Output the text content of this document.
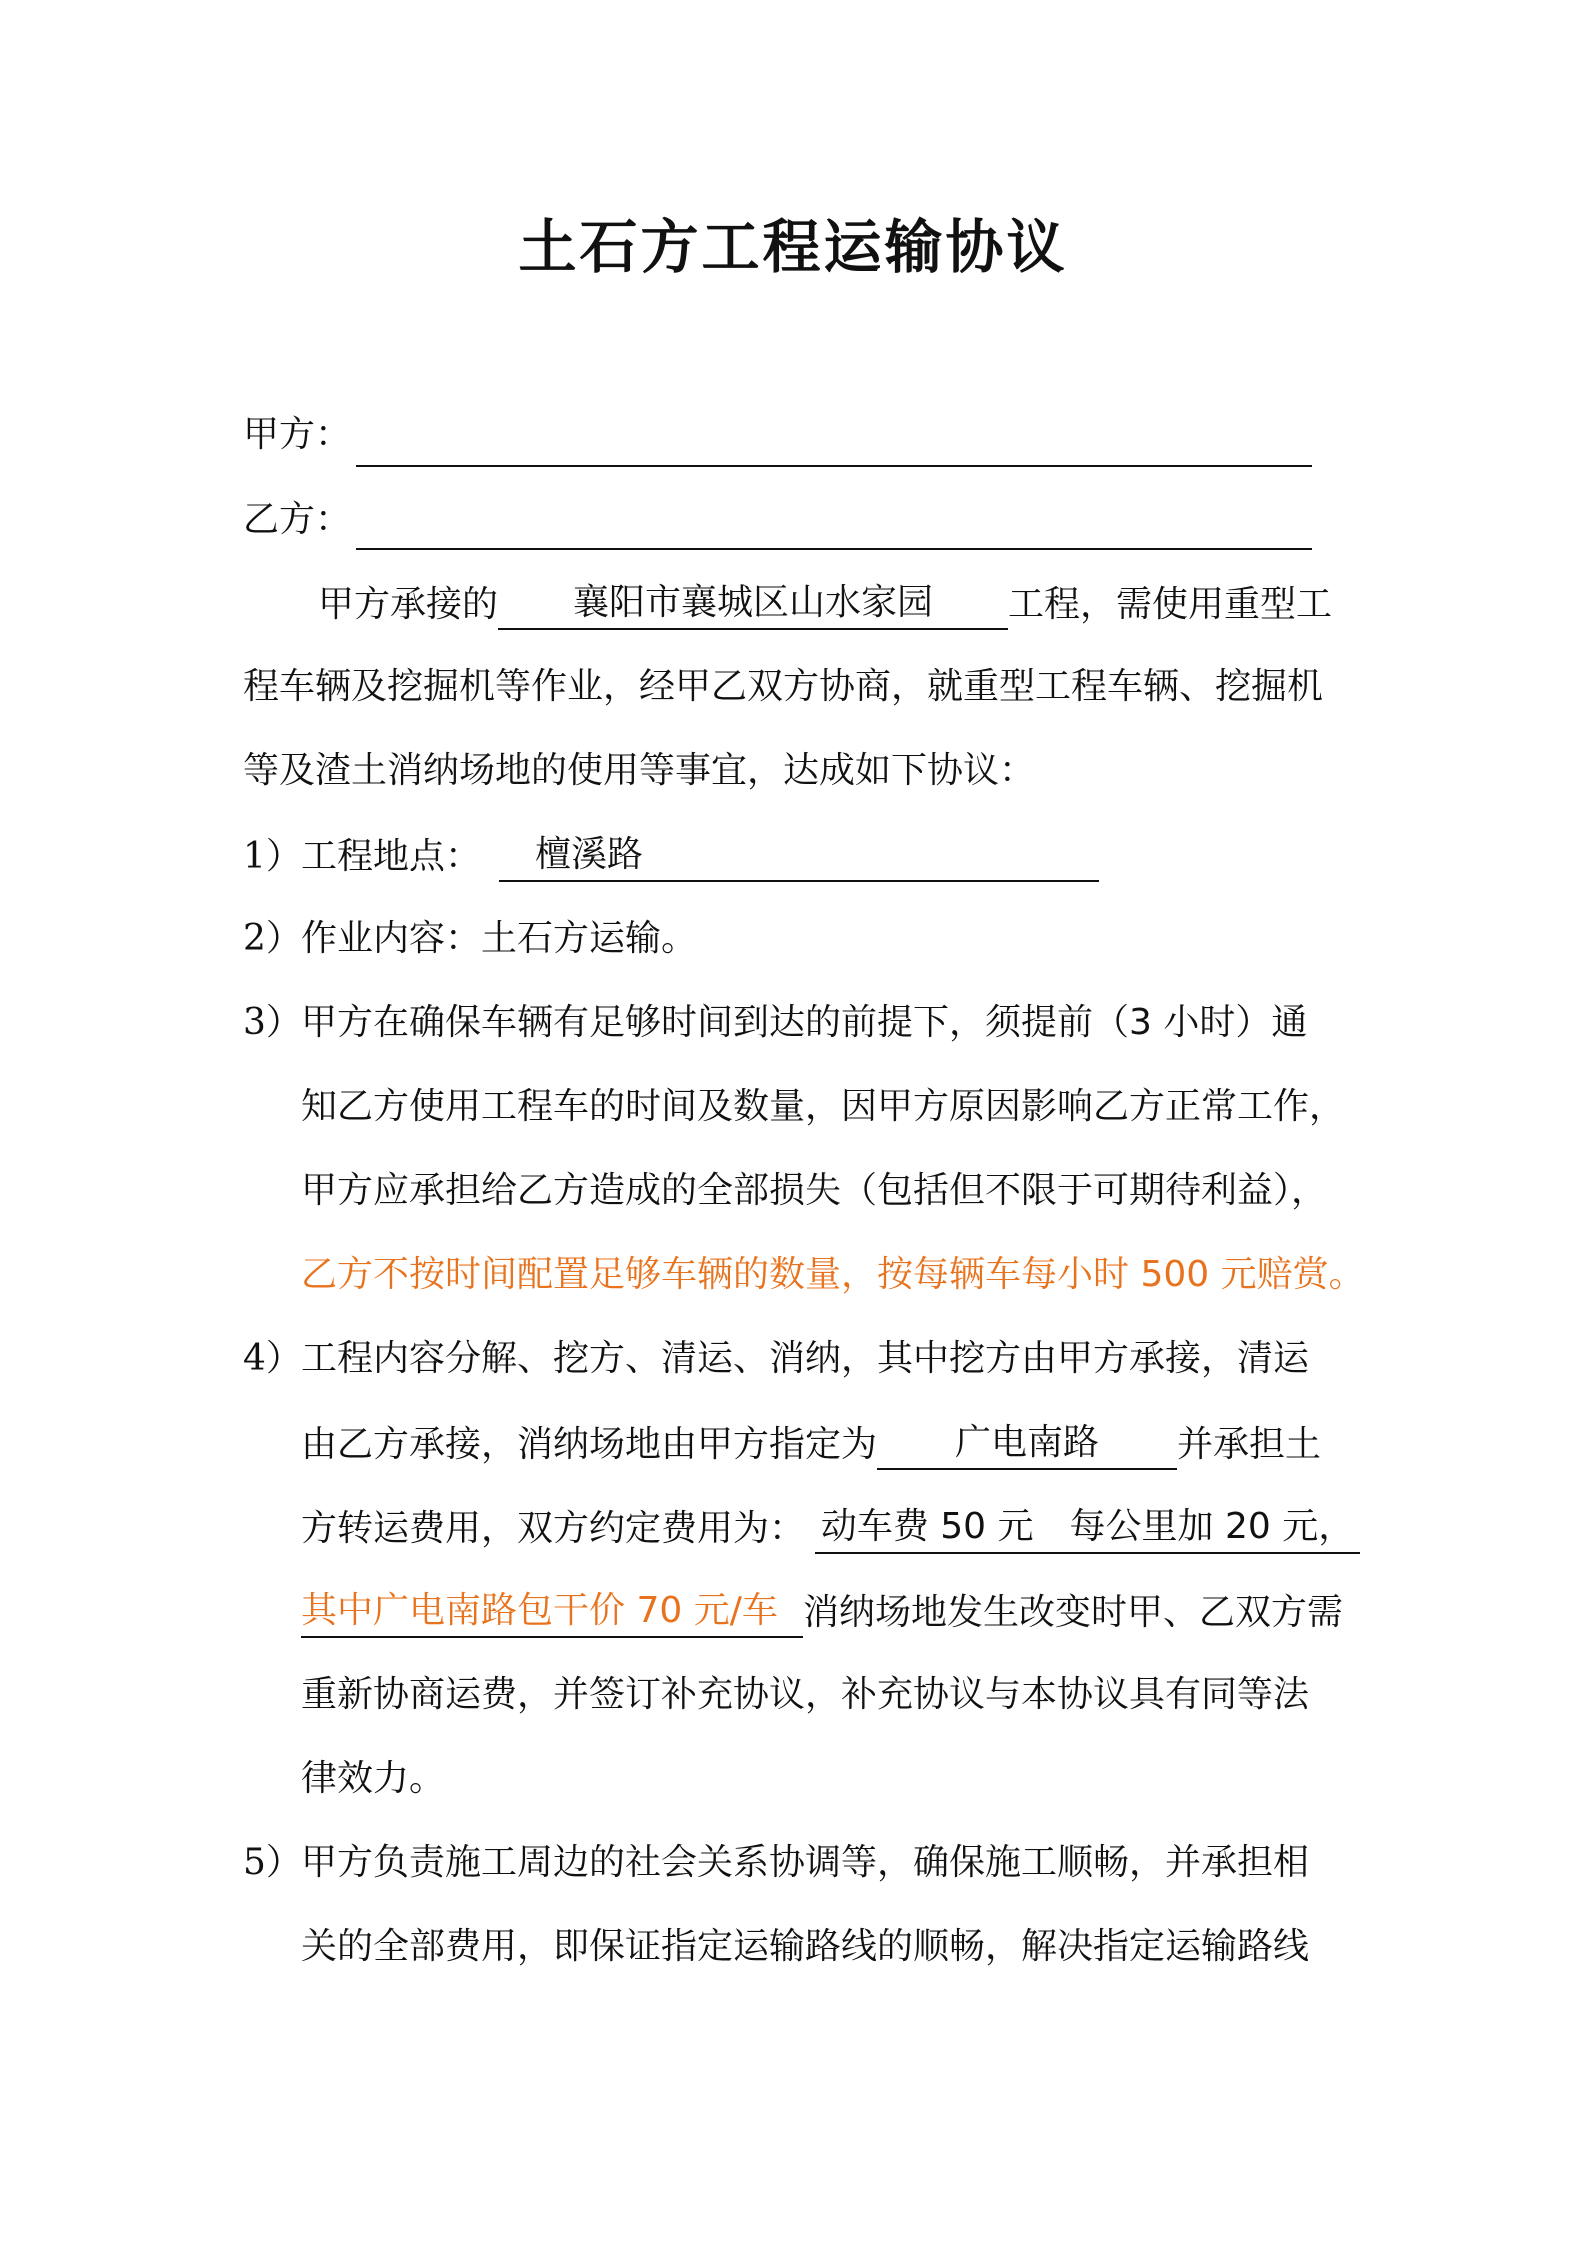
土石方工程运输协议
甲方：
乙方：
甲方承接的 襄阳市襄城区山水家园 工程，需使用重型工
程车辆及挖掘机等作业，经甲乙双方协商，就重型工程车辆、挖掘机
等及渣土消纳场地的使用等事宜，达成如下协议：
1）工程地点： 檀溪路
2）作业内容：土石方运输。
3）甲方在确保车辆有足够时间到达的前提下，须提前（3 小时）通
知乙方使用工程车的时间及数量，因甲方原因影响乙方正常工作，
甲方应承担给乙方造成的全部损失（包括但不限于可期待利益），
乙方不按时间配置足够车辆的数量，按每辆车每小时 500 元赔赏。
4）工程内容分解、挖方、清运、消纳，其中挖方由甲方承接，清运
由乙方承接，消纳场地由甲方指定为 广电南路 并承担土
方转运费用，双方约定费用为： 动车费 50 元　每公里加 20 元，
其中广电南路包干价 70 元/车 消纳场地发生改变时甲、乙双方需
重新协商运费，并签订补充协议，补充协议与本协议具有同等法
律效力。
5）甲方负责施工周边的社会关系协调等，确保施工顺畅，并承担相
关的全部费用，即保证指定运输路线的顺畅，解决指定运输路线
